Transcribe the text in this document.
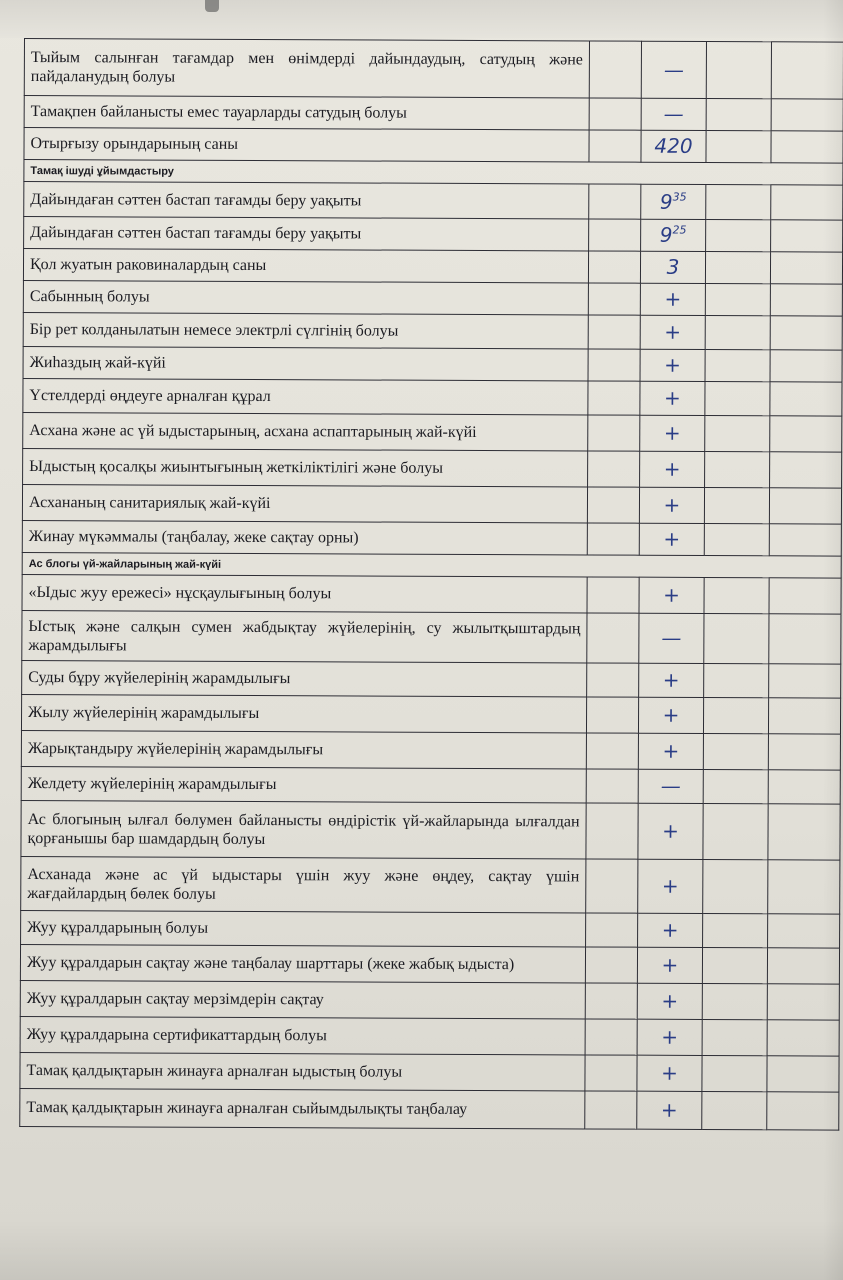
Тыйым салынған тағамдар мен өнімдерді дайындаудың, сатудың және пайдаланудың болуы		—		
Тамақпен байланысты емес тауарларды сатудың болуы		—		
Отырғызу орындарының саны		420		
Тамақ ішуді ұйымдастыру				
Дайындаған сәттен бастап тағамды беру уақыты		$9^{35}$		
Дайындаған сәттен бастап тағамды беру уақыты		$9^{25}$		
Қол жуатын раковиналардың саны		3		
Сабынның болуы		+		
Бір рет колданылатын немесе электрлі сүлгінің болуы		+		
Жиһаздың жай-күйі		+		
Үстелдерді өңдеуге арналған құрал		+		
Асхана және ас үй ыдыстарының, асхана аспаптарының жай-күйі		+		
Ыдыстың қосалқы жиынтығының жеткіліктілігі және болуы		+		
Асхананың санитариялық жай-күйі		+		
Жинау мүкәммалы (таңбалау, жеке сақтау орны)		+		
Ас блогы үй-жайларының жай-күйі				
«Ыдыс жуу ережесі» нұсқаулығының болуы		+		
Ыстық және салқын сумен жабдықтау жүйелерінің, су жылытқыштардың жарамдылығы		—		
Суды бұру жүйелерінің жарамдылығы		+		
Жылу жүйелерінің жарамдылығы		+		
Жарықтандыру жүйелерінің жарамдылығы		+		
Желдету жүйелерінің жарамдылығы		—		
Ас блогының ылғал бөлумен байланысты өндірістік үй-жайларында ылғалдан қорғанышы бар шамдардың болуы		+		
Асханада және ас үй ыдыстары үшін жуу және өңдеу, сақтау үшін жағдайлардың бөлек болуы		+		
Жуу құралдарының болуы		+		
Жуу құралдарын сақтау және таңбалау шарттары (жеке жабық ыдыста)		+		
Жуу құралдарын сақтау мерзімдерін сақтау		+		
Жуу құралдарына сертификаттардың болуы		+		
Тамақ қалдықтарын жинауға арналған ыдыстың болуы		+		
Тамақ қалдықтарын жинауға арналған сыйымдылықты таңбалау		+		
